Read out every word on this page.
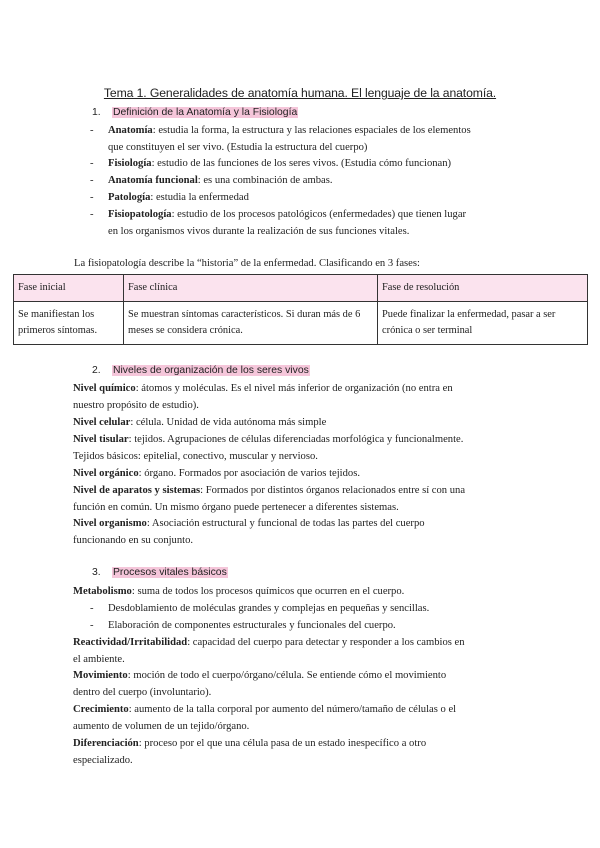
Tema 1. Generalidades de anatomía humana. El lenguaje de la anatomía.
1. Definición de la Anatomía y la Fisiología
- Anatomía: estudia la forma, la estructura y las relaciones espaciales de los elementos
que constituyen el ser vivo. (Estudia la estructura del cuerpo)
- Fisiología: estudio de las funciones de los seres vivos. (Estudia cómo funcionan)
- Anatomía funcional: es una combinación de ambas.
- Patología: estudia la enfermedad
- Fisiopatología: estudio de los procesos patológicos (enfermedades) que tienen lugar
en los organismos vivos durante la realización de sus funciones vitales.
La fisiopatología describe la “historia” de la enfermedad. Clasificando en 3 fases:
Fase inicial	Fase clínica	Fase de resolución
Se manifiestan los primeros síntomas.	Se muestran síntomas característicos. Si duran más de 6 meses se considera crónica.	Puede finalizar la enfermedad, pasar a ser crónica o ser terminal
2. Niveles de organización de los seres vivos
Nivel químico: átomos y moléculas. Es el nivel más inferior de organización (no entra en
nuestro propósito de estudio).
Nivel celular: célula. Unidad de vida autónoma más simple
Nivel tisular: tejidos. Agrupaciones de células diferenciadas morfológica y funcionalmente.
Tejidos básicos: epitelial, conectivo, muscular y nervioso.
Nivel orgánico: órgano. Formados por asociación de varios tejidos.
Nivel de aparatos y sistemas: Formados por distintos órganos relacionados entre sí con una
función en común. Un mismo órgano puede pertenecer a diferentes sistemas.
Nivel organismo: Asociación estructural y funcional de todas las partes del cuerpo
funcionando en su conjunto.
3. Procesos vitales básicos
Metabolismo: suma de todos los procesos químicos que ocurren en el cuerpo.
- Desdoblamiento de moléculas grandes y complejas en pequeñas y sencillas.
- Elaboración de componentes estructurales y funcionales del cuerpo.
Reactividad/Irritabilidad: capacidad del cuerpo para detectar y responder a los cambios en
el ambiente.
Movimiento: moción de todo el cuerpo/órgano/célula. Se entiende cómo el movimiento
dentro del cuerpo (involuntario).
Crecimiento: aumento de la talla corporal por aumento del número/tamaño de células o el
aumento de volumen de un tejido/órgano.
Diferenciación: proceso por el que una célula pasa de un estado inespecífico a otro
especializado.
